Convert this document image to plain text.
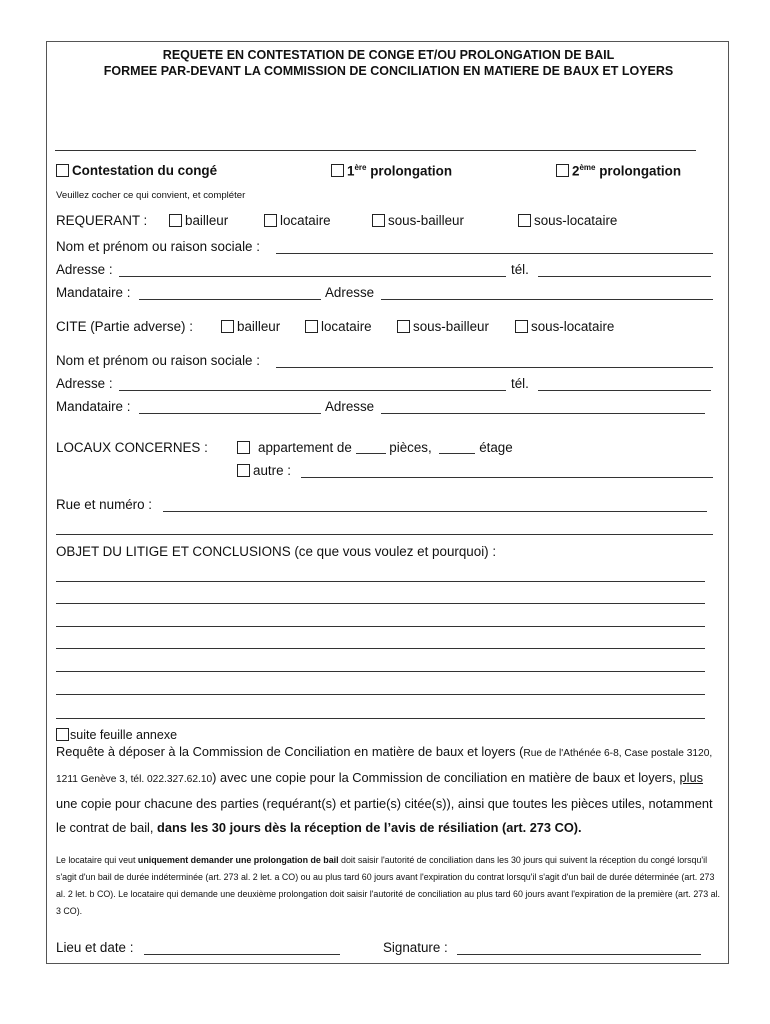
REQUETE EN CONTESTATION DE CONGE ET/OU PROLONGATION DE BAIL
FORMEE PAR-DEVANT LA COMMISSION DE CONCILIATION EN MATIERE DE BAUX ET LOYERS
Contestation du congé	1ère prolongation	2ème prolongation
Veuillez cocher ce qui convient, et compléter
REQUERANT :	bailleur	locataire	sous-bailleur	sous-locataire
Nom et prénom ou raison sociale :
Adresse :	tél.
Mandataire :	Adresse
CITE (Partie adverse) :	bailleur	locataire	sous-bailleur	sous-locataire
Nom et prénom ou raison sociale :
Adresse :	tél.
Mandataire :	Adresse
LOCAUX CONCERNES :	appartement de	pièces,	étage
autre :
Rue et numéro :
OBJET DU LITIGE ET CONCLUSIONS (ce que vous voulez et pourquoi) :
suite feuille annexe
Requête à déposer à la Commission de Conciliation en matière de baux et loyers (Rue de l'Athénée 6-8, Case postale 3120, 1211 Genève 3, tél. 022.327.62.10) avec une copie pour la Commission de conciliation en matière de baux et loyers, plus une copie pour chacune des parties (requérant(s) et partie(s) citée(s)), ainsi que toutes les pièces utiles, notamment le contrat de bail, dans les 30 jours dès la réception de l’avis de résiliation (art. 273 CO).
Le locataire qui veut uniquement demander une prolongation de bail doit saisir l'autorité de conciliation dans les 30 jours qui suivent la réception du congé lorsqu'il s'agit d'un bail de durée indéterminée (art. 273 al. 2 let. a CO) ou au plus tard 60 jours avant l'expiration du contrat lorsqu'il s'agit d'un bail de durée déterminée (art. 273 al. 2 let. b CO). Le locataire qui demande une deuxième prolongation doit saisir l'autorité de conciliation au plus tard 60 jours avant l'expiration de la première (art. 273 al. 3 CO).
Lieu et date :	Signature :
